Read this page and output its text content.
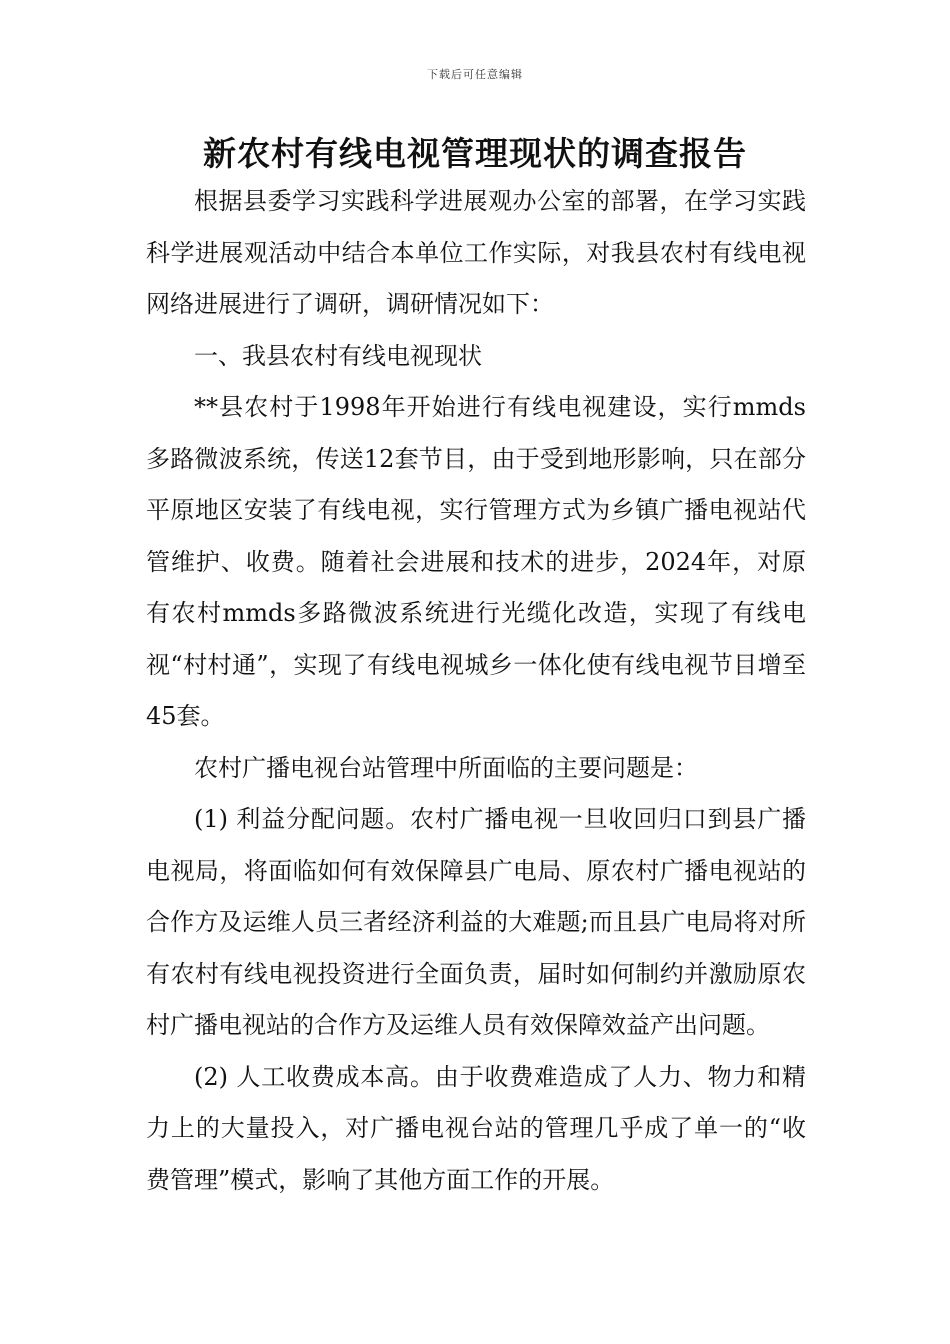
下载后可任意编辑
新农村有线电视管理现状的调查报告

根据县委学习实践科学进展观办公室的部署，在学习实践科学进展观活动中结合本单位工作实际，对我县农村有线电视网络进展进行了调研，调研情况如下：

一、我县农村有线电视现状

**县农村于1998年开始进行有线电视建设，实行mmds多路微波系统，传送12套节目，由于受到地形影响，只在部分平原地区安装了有线电视，实行管理方式为乡镇广播电视站代管维护、收费。随着社会进展和技术的进步，2024年，对原有农村mmds多路微波系统进行光缆化改造，实现了有线电视“村村通”，实现了有线电视城乡一体化使有线电视节目增至45套。

农村广播电视台站管理中所面临的主要问题是：

(1) 利益分配问题。农村广播电视一旦收回归口到县广播电视局，将面临如何有效保障县广电局、原农村广播电视站的合作方及运维人员三者经济利益的大难题;而且县广电局将对所有农村有线电视投资进行全面负责，届时如何制约并激励原农村广播电视站的合作方及运维人员有效保障效益产出问题。

(2) 人工收费成本高。由于收费难造成了人力、物力和精力上的大量投入，对广播电视台站的管理几乎成了单一的“收费管理”模式，影响了其他方面工作的开展。
